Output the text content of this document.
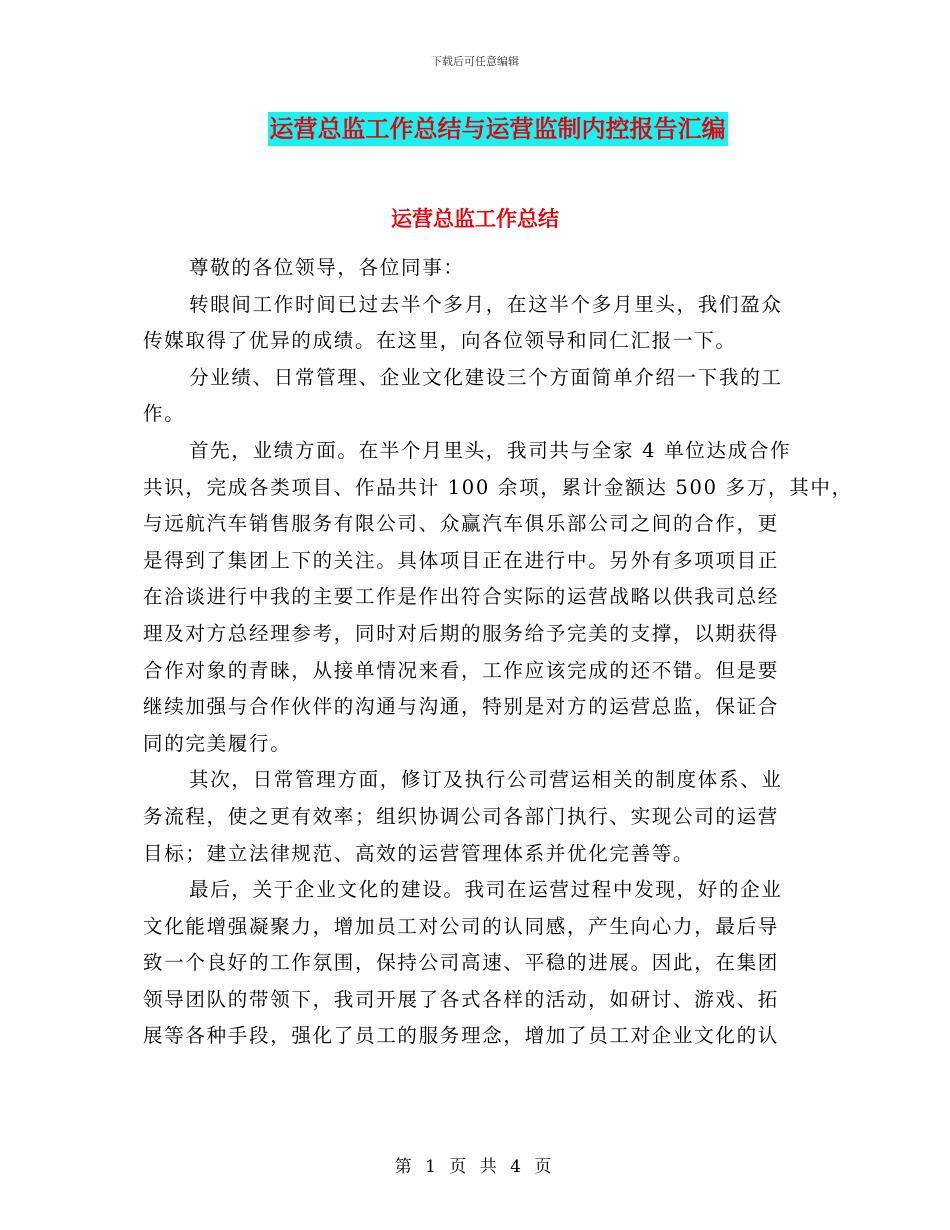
下载后可任意编辑
运营总监工作总结与运营监制内控报告汇编
运营总监工作总结
尊敬的各位领导，各位同事：
转眼间工作时间已过去半个多月，在这半个多月里头，我们盈众
传媒取得了优异的成绩。在这里，向各位领导和同仁汇报一下。
分业绩、日常管理、企业文化建设三个方面简单介绍一下我的工
作。
首先，业绩方面。在半个月里头，我司共与全家 4 单位达成合作
共识，完成各类项目、作品共计 100 余项，累计金额达 500 多万，其中，
与远航汽车销售服务有限公司、众赢汽车俱乐部公司之间的合作，更
是得到了集团上下的关注。具体项目正在进行中。另外有多项项目正
在洽谈进行中我的主要工作是作出符合实际的运营战略以供我司总经
理及对方总经理参考，同时对后期的服务给予完美的支撑，以期获得
合作对象的青睐，从接单情况来看，工作应该完成的还不错。但是要
继续加强与合作伙伴的沟通与沟通，特别是对方的运营总监，保证合
同的完美履行。
其次，日常管理方面，修订及执行公司营运相关的制度体系、业
务流程，使之更有效率；组织协调公司各部门执行、实现公司的运营
目标；建立法律规范、高效的运营管理体系并优化完善等。
最后，关于企业文化的建设。我司在运营过程中发现，好的企业
文化能增强凝聚力，增加员工对公司的认同感，产生向心力，最后导
致一个良好的工作氛围，保持公司高速、平稳的进展。因此，在集团
领导团队的带领下，我司开展了各式各样的活动，如研讨、游戏、拓
展等各种手段，强化了员工的服务理念，增加了员工对企业文化的认
第 1 页 共 4 页
